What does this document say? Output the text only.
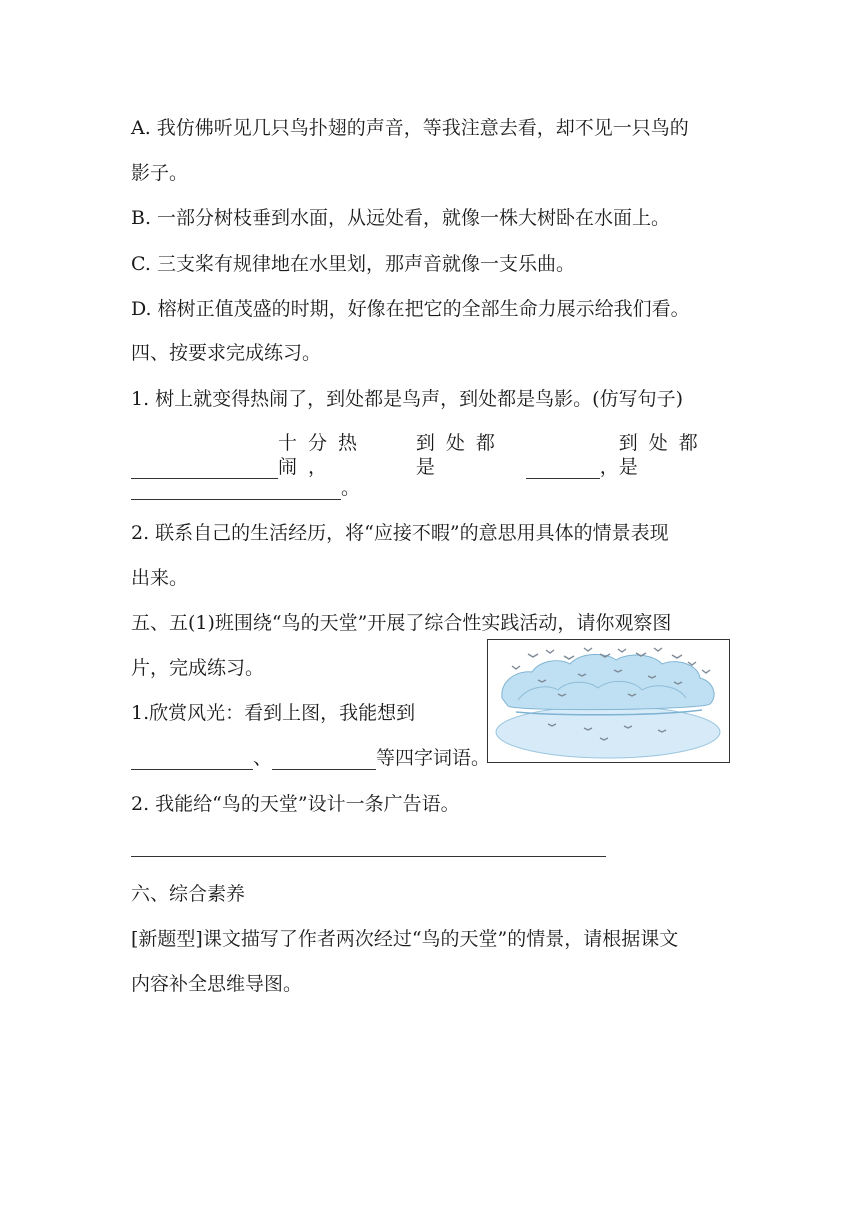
A. 我仿佛听见几只鸟扑翅的声音，等我注意去看，却不见一只鸟的
影子。
B. 一部分树枝垂到水面，从远处看，就像一株大树卧在水面上。
C. 三支桨有规律地在水里划，那声音就像一支乐曲。
D. 榕树正值茂盛的时期，好像在把它的全部生命力展示给我们看。
四、按要求完成练习。
1. 树上就变得热闹了，到处都是鸟声，到处都是鸟影。(仿写句子)
十分热闹，
到处都是	，
到处都是
。
2. 联系自己的生活经历，将“应接不暇”的意思用具体的情景表现
出来。
五、五(1)班围绕“鸟的天堂”开展了综合性实践活动，请你观察图
片，完成练习。
1.欣赏风光：看到上图，我能想到
、	等四字词语。
2. 我能给“鸟的天堂”设计一条广告语。
六、综合素养
[新题型]课文描写了作者两次经过“鸟的天堂”的情景，请根据课文
内容补全思维导图。
